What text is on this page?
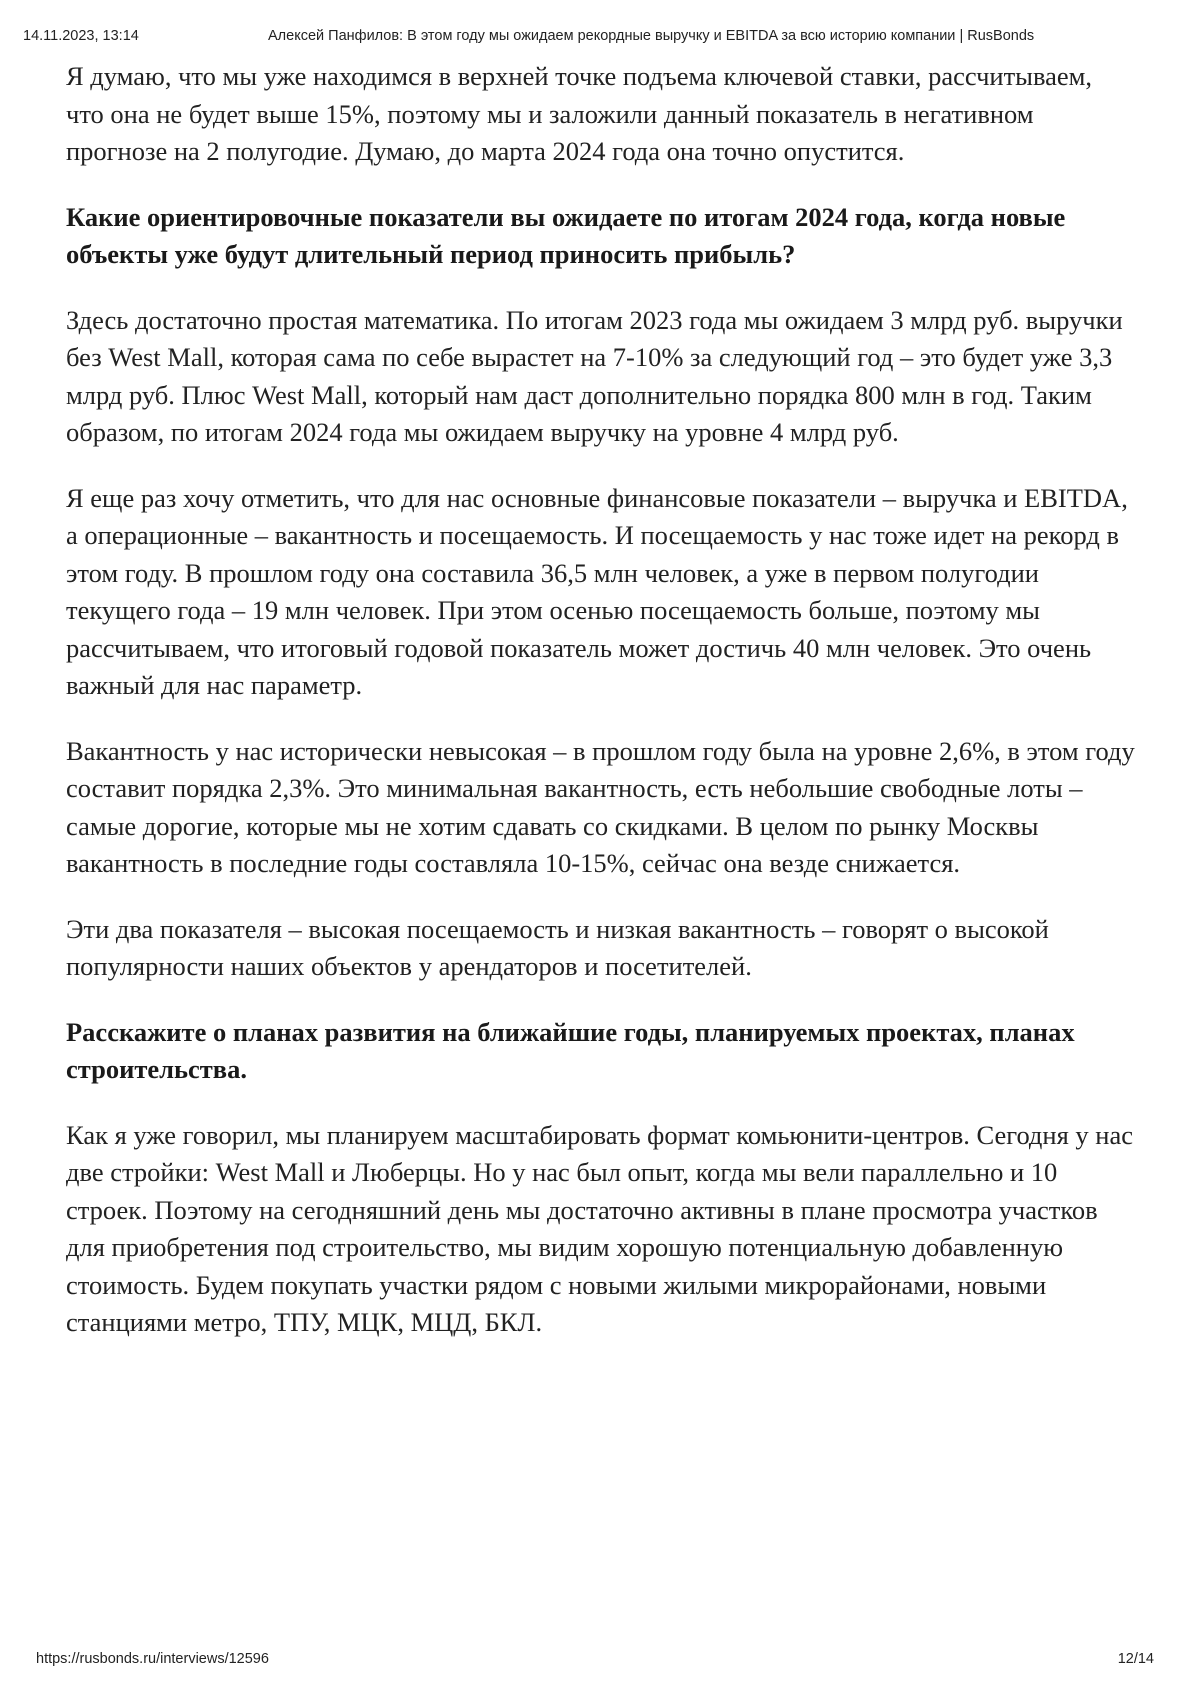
14.11.2023, 13:14	Алексей Панфилов: В этом году мы ожидаем рекордные выручку и EBITDA за всю историю компании | RusBonds

Я думаю, что мы уже находимся в верхней точке подъема ключевой ставки, рассчитываем, что она не будет выше 15%, поэтому мы и заложили данный показатель в негативном прогнозе на 2 полугодие. Думаю, до марта 2024 года она точно опустится.

Какие ориентировочные показатели вы ожидаете по итогам 2024 года, когда новые объекты уже будут длительный период приносить прибыль?

Здесь достаточно простая математика. По итогам 2023 года мы ожидаем 3 млрд руб. выручки без West Mall, которая сама по себе вырастет на 7-10% за следующий год – это будет уже 3,3 млрд руб. Плюс West Mall, который нам даст дополнительно порядка 800 млн в год. Таким образом, по итогам 2024 года мы ожидаем выручку на уровне 4 млрд руб.

Я еще раз хочу отметить, что для нас основные финансовые показатели – выручка и EBITDA, а операционные – вакантность и посещаемость. И посещаемость у нас тоже идет на рекорд в этом году. В прошлом году она составила 36,5 млн человек, а уже в первом полугодии текущего года – 19 млн человек. При этом осенью посещаемость больше, поэтому мы рассчитываем, что итоговый годовой показатель может достичь 40 млн человек. Это очень важный для нас параметр.

Вакантность у нас исторически невысокая – в прошлом году была на уровне 2,6%, в этом году составит порядка 2,3%. Это минимальная вакантность, есть небольшие свободные лоты – самые дорогие, которые мы не хотим сдавать со скидками. В целом по рынку Москвы вакантность в последние годы составляла 10-15%, сейчас она везде снижается.

Эти два показателя – высокая посещаемость и низкая вакантность – говорят о высокой популярности наших объектов у арендаторов и посетителей.

Расскажите о планах развития на ближайшие годы, планируемых проектах, планах строительства.

Как я уже говорил, мы планируем масштабировать формат комьюнити-центров. Сегодня у нас две стройки: West Mall и Люберцы. Но у нас был опыт, когда мы вели параллельно и 10 строек. Поэтому на сегодняшний день мы достаточно активны в плане просмотра участков для приобретения под строительство, мы видим хорошую потенциальную добавленную стоимость. Будем покупать участки рядом с новыми жилыми микрорайонами, новыми станциями метро, ТПУ, МЦК, МЦД, БКЛ.

https://rusbonds.ru/interviews/12596	12/14
